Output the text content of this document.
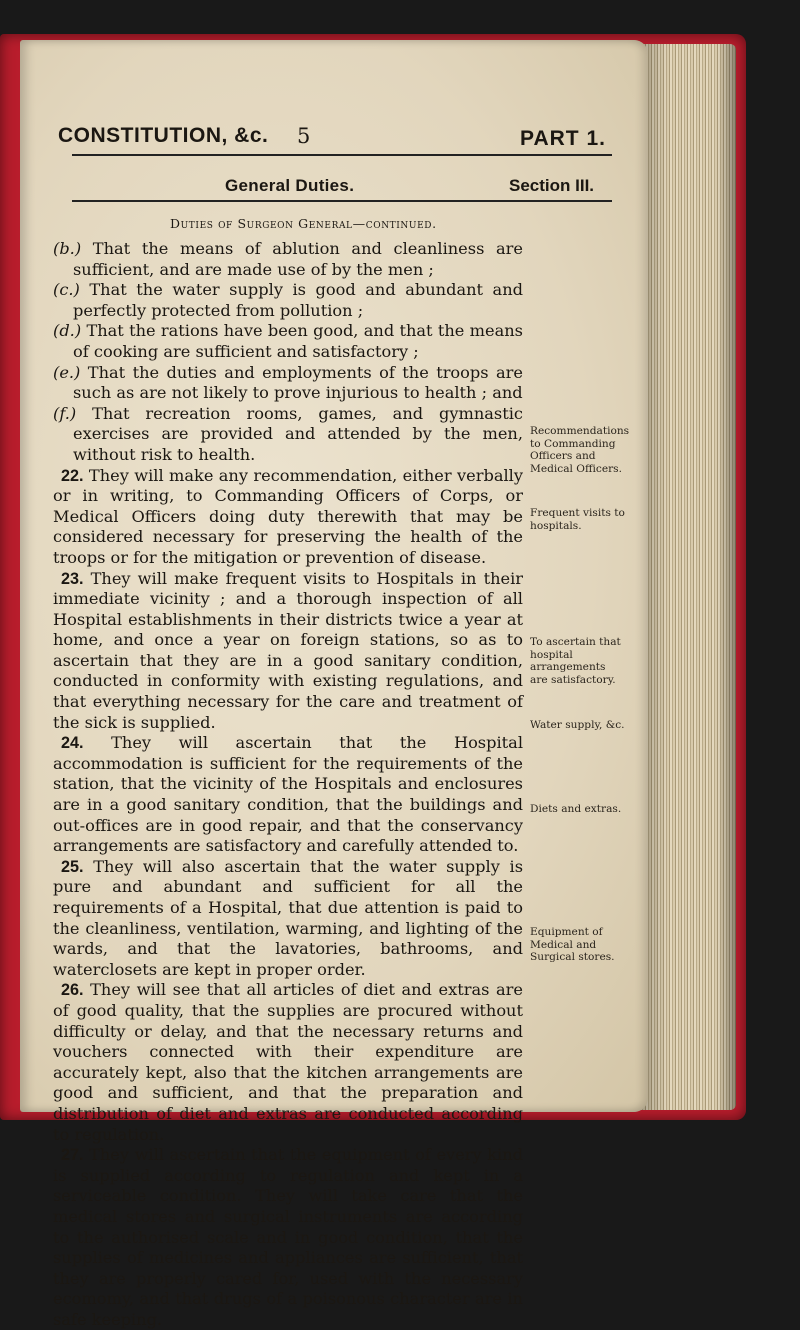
CONSTITUTION, &c. 5	PART 1.
General Duties.	Section III.
Duties of Surgeon General—continued.

(b.) That the means of ablution and cleanliness are sufficient, and are made use of by the men ;

(c.) That the water supply is good and abundant and perfectly protected from pollution ;

(d.) That the rations have been good, and that the means of cooking are sufficient and satisfactory ;

(e.) That the duties and employments of the troops are such as are not likely to prove injurious to health ; and

(f.) That recreation rooms, games, and gymnastic exercises are provided and attended by the men, without risk to health.

22. They will make any recommendation, either verbally or in writing, to Commanding Officers of Corps, or Medical Officers doing duty therewith that may be considered necessary for preserving the health of the troops or for the mitigation or prevention of disease.

23. They will make frequent visits to Hospitals in their immediate vicinity ; and a thorough inspection of all Hospital establishments in their districts twice a year at home, and once a year on foreign stations, so as to ascertain that they are in a good sanitary condition, conducted in conformity with existing regulations, and that everything necessary for the care and treatment of the sick is supplied.

24. They will ascertain that the Hospital accommodation is sufficient for the requirements of the station, that the vicinity of the Hospitals and enclosures are in a good sanitary condition, that the buildings and out-offices are in good repair, and that the conservancy arrangements are satisfactory and carefully attended to.

25. They will also ascertain that the water supply is pure and abundant and sufficient for all the requirements of a Hospital, that due attention is paid to the cleanliness, ventilation, warming, and lighting of the wards, and that the lavatories, bathrooms, and waterclosets are kept in proper order.

26. They will see that all articles of diet and extras are of good quality, that the supplies are procured without difficulty or delay, and that the necessary returns and vouchers connected with their expenditure are accurately kept, also that the kitchen arrangements are good and sufficient, and that the preparation and distribution of diet and extras are conducted according to regulation.

27. They will ascertain that the equipment of every kind is supplied according to regulation and kept in a serviceable condition. They will take care that the medical stores and surgical instruments are according to the authorised scale and in good condition, that the supplies of medicines and appliances are sufficient, that they are properly cared for, used with the necessary ecomomy, and that drugs of a poisonous character are in safe keeping.

Recommendations to Commanding Officers and Medical Officers.
Frequent visits to hospitals.
To ascertain that hospital arrangements are satisfactory.
Water supply, &c.
Diets and extras.
Equipment of Medical and Surgical stores.
